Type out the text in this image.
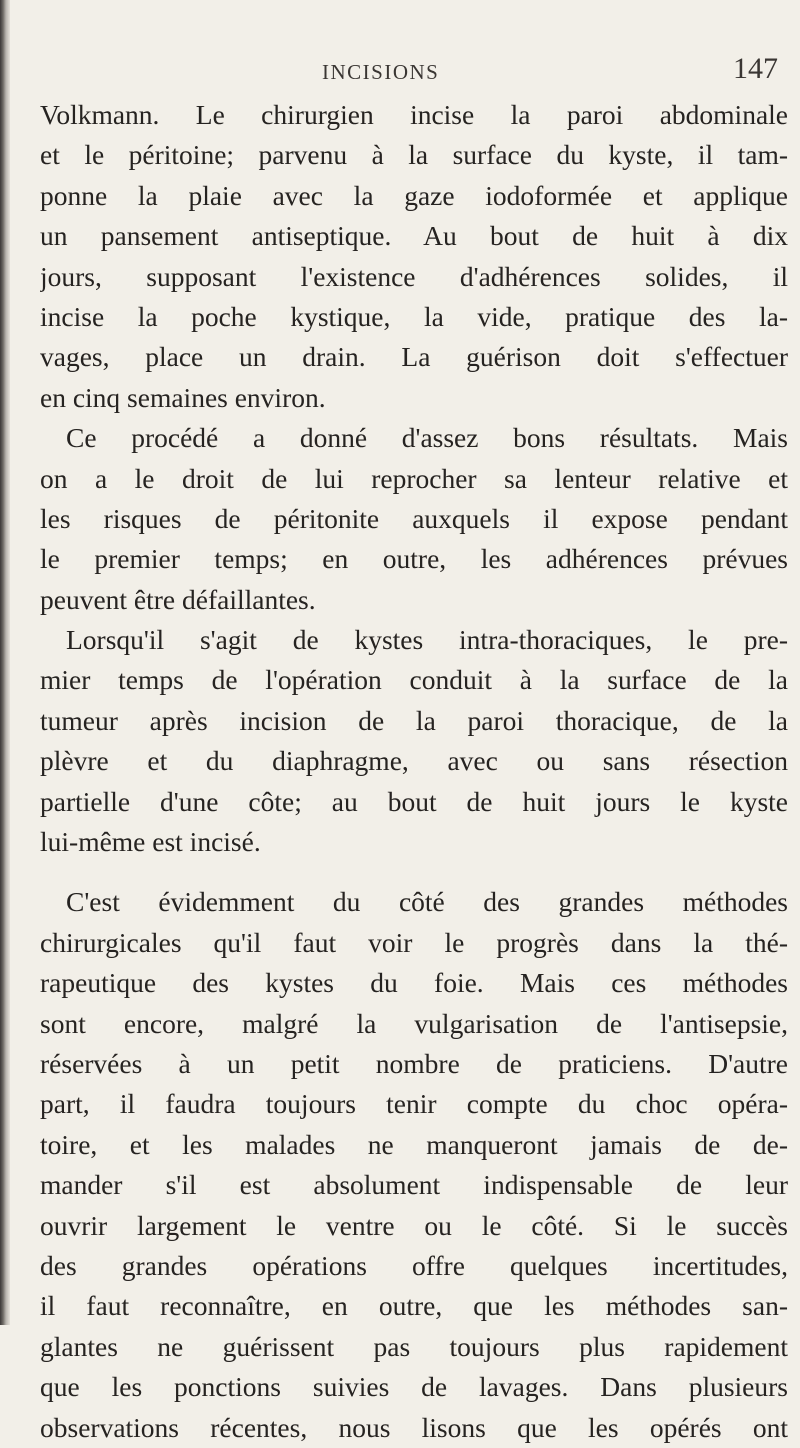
INCISIONS	147
Volkmann. Le chirurgien incise la paroi abdominale
et le péritoine; parvenu à la surface du kyste, il tam-
ponne la plaie avec la gaze iodoformée et applique
un pansement antiseptique. Au bout de huit à dix
jours, supposant l'existence d'adhérences solides, il
incise la poche kystique, la vide, pratique des la-
vages, place un drain. La guérison doit s'effectuer
en cinq semaines environ.
Ce procédé a donné d'assez bons résultats. Mais
on a le droit de lui reprocher sa lenteur relative et
les risques de péritonite auxquels il expose pendant
le premier temps; en outre, les adhérences prévues
peuvent être défaillantes.
Lorsqu'il s'agit de kystes intra-thoraciques, le pre-
mier temps de l'opération conduit à la surface de la
tumeur après incision de la paroi thoracique, de la
plèvre et du diaphragme, avec ou sans résection
partielle d'une côte; au bout de huit jours le kyste
lui-même est incisé.
C'est évidemment du côté des grandes méthodes
chirurgicales qu'il faut voir le progrès dans la thé-
rapeutique des kystes du foie. Mais ces méthodes
sont encore, malgré la vulgarisation de l'antisepsie,
réservées à un petit nombre de praticiens. D'autre
part, il faudra toujours tenir compte du choc opéra-
toire, et les malades ne manqueront jamais de de-
mander s'il est absolument indispensable de leur
ouvrir largement le ventre ou le côté. Si le succès
des grandes opérations offre quelques incertitudes,
il faut reconnaître, en outre, que les méthodes san-
glantes ne guérissent pas toujours plus rapidement
que les ponctions suivies de lavages. Dans plusieurs
observations récentes, nous lisons que les opérés ont
